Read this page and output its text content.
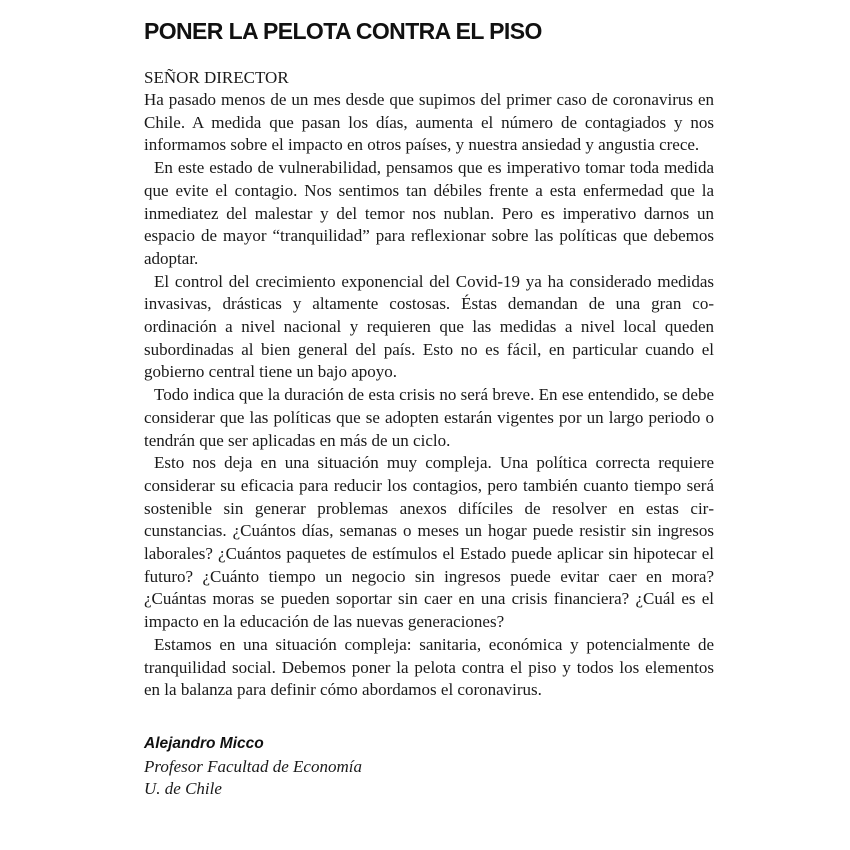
PONER LA PELOTA CONTRA EL PISO
SEÑOR DIRECTOR

Ha pasado menos de un mes desde que supimos del primer caso de coronavirus en Chile. A medida que pasan los días, aumenta el número de contagiados y nos informamos sobre el impacto en otros países, y nuestra ansiedad y angustia crece.

En este estado de vulnerabilidad, pensamos que es imperativo tomar toda medida que evite el contagio. Nos sentimos tan débiles frente a esta enfermedad que la inmediatez del malestar y del temor nos nublan. Pero es imperativo darnos un espacio de mayor “tranquilidad” para reflexionar sobre las políticas que debemos adoptar.

El control del crecimiento exponencial del Covid-19 ya ha considerado medidas invasivas, drásticas y altamente costosas. Éstas demandan de una gran coordinación a nivel nacional y requieren que las medidas a nivel local queden subordinadas al bien general del país. Esto no es fácil, en particular cuando el gobierno central tiene un bajo apoyo.

Todo indica que la duración de esta crisis no será breve. En ese entendido, se debe considerar que las políticas que se adopten estarán vigentes por un largo periodo o tendrán que ser aplicadas en más de un ciclo.

Esto nos deja en una situación muy compleja. Una política correcta requiere considerar su eficacia para reducir los contagios, pero también cuanto tiempo será sostenible sin generar problemas anexos difíciles de resolver en estas circunstancias. ¿Cuántos días, semanas o meses un hogar puede resistir sin ingresos laborales? ¿Cuántos paquetes de estímulos el Estado puede aplicar sin hipotecar el futuro? ¿Cuánto tiempo un negocio sin ingresos puede evitar caer en mora? ¿Cuántas moras se pueden soportar sin caer en una crisis financiera? ¿Cuál es el impacto en la educación de las nuevas generaciones?

Estamos en una situación compleja: sanitaria, económica y potencialmente de tranquilidad social. Debemos poner la pelota contra el piso y todos los elementos en la balanza para definir cómo abordamos el coronavirus.

Alejandro Micco
Profesor Facultad de Economía
U. de Chile
